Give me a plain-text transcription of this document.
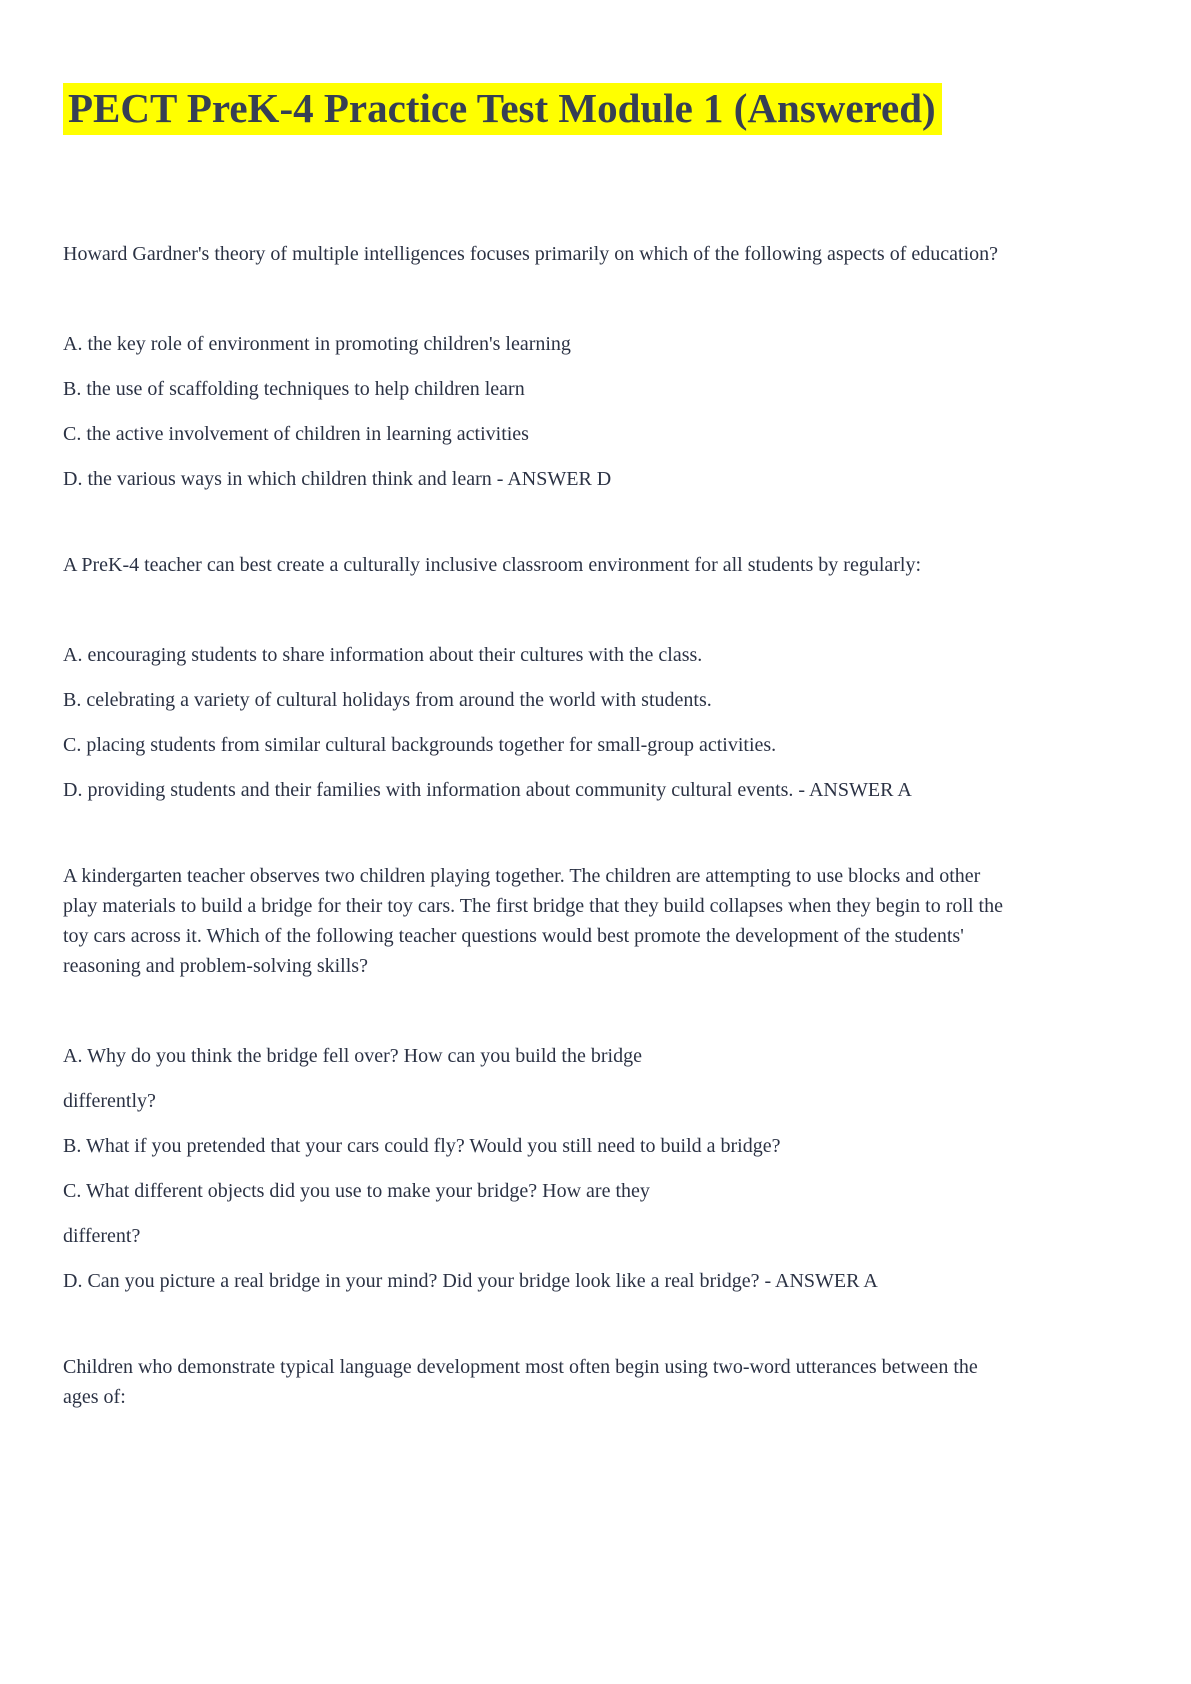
PECT PreK-4 Practice Test Module 1 (Answered)

Howard Gardner's theory of multiple intelligences focuses primarily on which of the following aspects of education?

A. the key role of environment in promoting children's learning

B. the use of scaffolding techniques to help children learn

C. the active involvement of children in learning activities

D. the various ways in which children think and learn - ANSWER D

A PreK-4 teacher can best create a culturally inclusive classroom environment for all students by regularly:

A. encouraging students to share information about their cultures with the class.

B. celebrating a variety of cultural holidays from around the world with students.

C. placing students from similar cultural backgrounds together for small-group activities.

D. providing students and their families with information about community cultural events. - ANSWER A

A kindergarten teacher observes two children playing together. The children are attempting to use blocks and other play materials to build a bridge for their toy cars. The first bridge that they build collapses when they begin to roll the toy cars across it. Which of the following teacher questions would best promote the development of the students' reasoning and problem-solving skills?

A. Why do you think the bridge fell over? How can you build the bridge

differently?

B. What if you pretended that your cars could fly? Would you still need to build a bridge?

C. What different objects did you use to make your bridge? How are they

different?

D. Can you picture a real bridge in your mind? Did your bridge look like a real bridge? - ANSWER A

Children who demonstrate typical language development most often begin using two-word utterances between the ages of:
